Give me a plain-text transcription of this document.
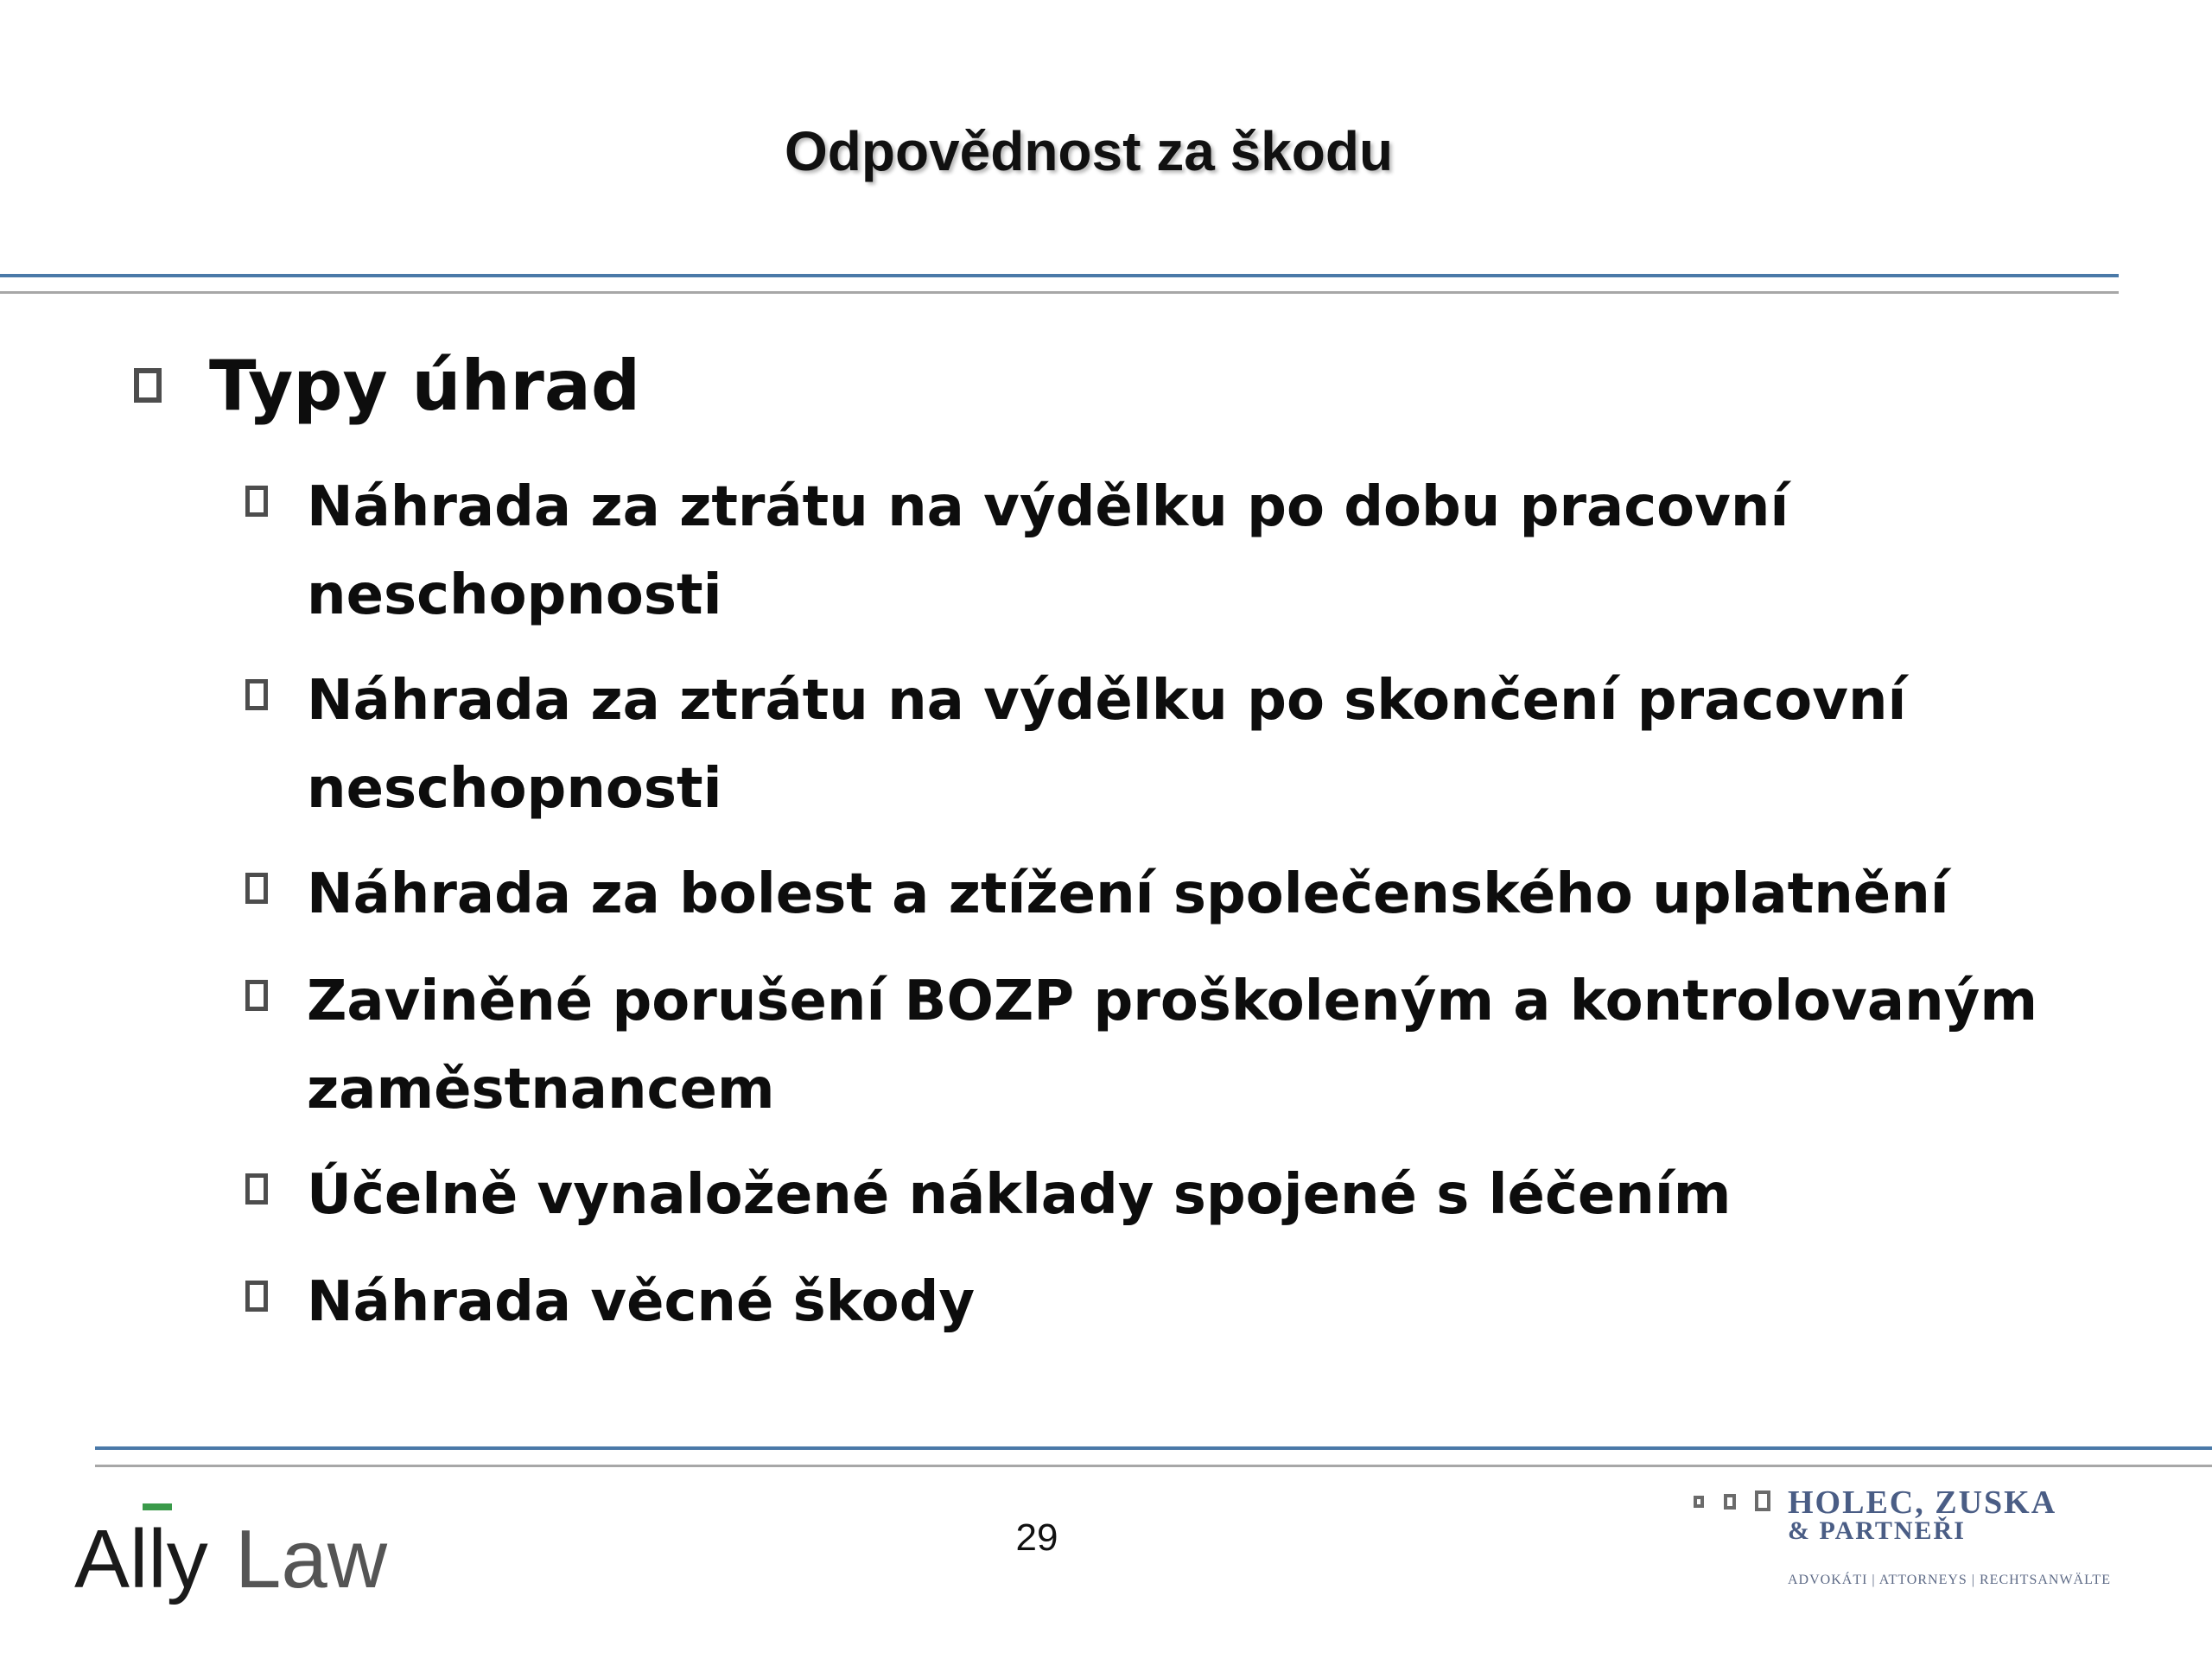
Odpovědnost za škodu
Typy úhrad
Náhrada za ztrátu na výdělku po dobu pracovní
neschopnosti
Náhrada za ztrátu na výdělku po skončení pracovní
neschopnosti
Náhrada za bolest a ztížení společenského uplatnění
Zaviněné porušení BOZP proškoleným a kontrolovaným
zaměstnancem
Účelně vynaložené náklady spojené s léčením
Náhrada věcné škody
Ally Law	29
HOLEC, ZUSKA
& PARTNEŘI
ADVOKÁTI | ATTORNEYS | RECHTSANWÄLTE
